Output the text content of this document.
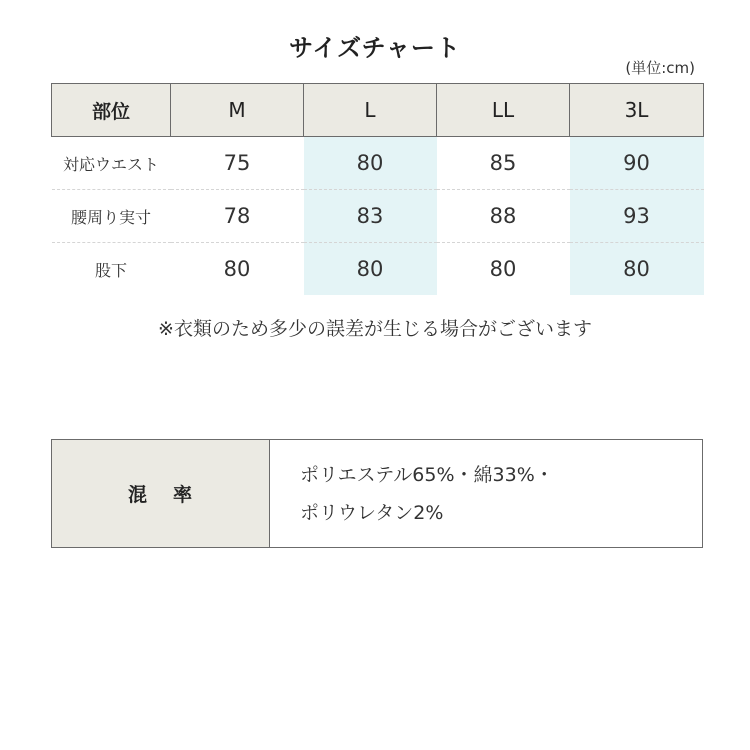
サイズチャート
(単位:cm)
部位	M	L	LL	3L
対応ウエスト	75	80	85	90
腰周り実寸	78	83	88	93
股下	80	80	80	80
※衣類のため多少の誤差が生じる場合がございます
混率	
ポリエステル65%・綿33%・
ポリウレタン2%
